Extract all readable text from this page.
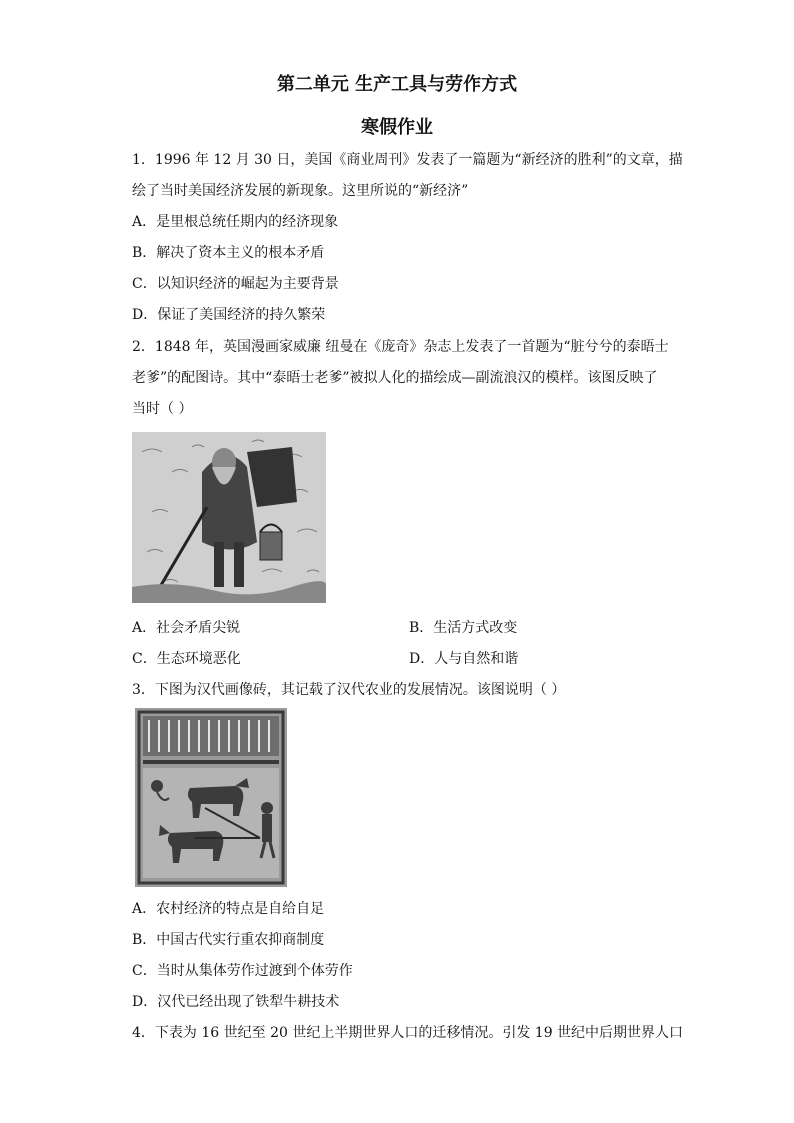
第二单元 生产工具与劳作方式
寒假作业
1．1996 年 12 月 30 日，美国《商业周刊》发表了一篇题为“新经济的胜利”的文章，描
绘了当时美国经济发展的新现象。这里所说的“新经济”
A．是里根总统任期内的经济现象
B．解决了资本主义的根本矛盾
C．以知识经济的崛起为主要背景
D．保证了美国经济的持久繁荣
2．1848 年，英国漫画家威廉 纽曼在《庞奇》杂志上发表了一首题为“脏兮兮的泰晤士
老爹”的配图诗。其中“泰晤士老爹”被拟人化的描绘成—副流浪汉的模样。该图反映了
当时（ ）
A．社会矛盾尖锐	B．生活方式改变
C．生态环境恶化	D．人与自然和谐
3．下图为汉代画像砖，其记载了汉代农业的发展情况。该图说明（ ）
A．农村经济的特点是自给自足
B．中国古代实行重农抑商制度
C．当时从集体劳作过渡到个体劳作
D．汉代已经出现了铁犁牛耕技术
4．下表为 16 世纪至 20 世纪上半期世界人口的迁移情况。引发 19 世纪中后期世界人口
